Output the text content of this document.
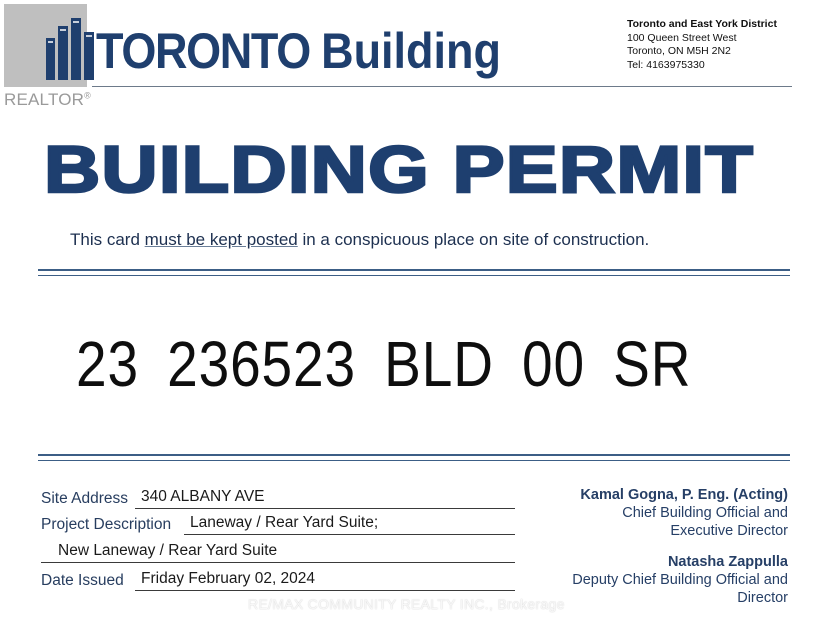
TORONTO Building
REALTOR®
Toronto and East York District
100 Queen Street West
Toronto, ON M5H 2N2
Tel: 4163975330
BUILDING PERMIT
This card must be kept posted in a conspicuous place on site of construction.
23 236523 BLD 00 SR
Site Address 340 ALBANY AVE
Project Description Laneway / Rear Yard Suite;
New Laneway / Rear Yard Suite
Date Issued Friday February 02, 2024
Kamal Gogna, P. Eng. (Acting)
Chief Building Official and
Executive Director
Natasha Zappulla
Deputy Chief Building Official and
Director
RE/MAX COMMUNITY REALTY INC., Brokerage
